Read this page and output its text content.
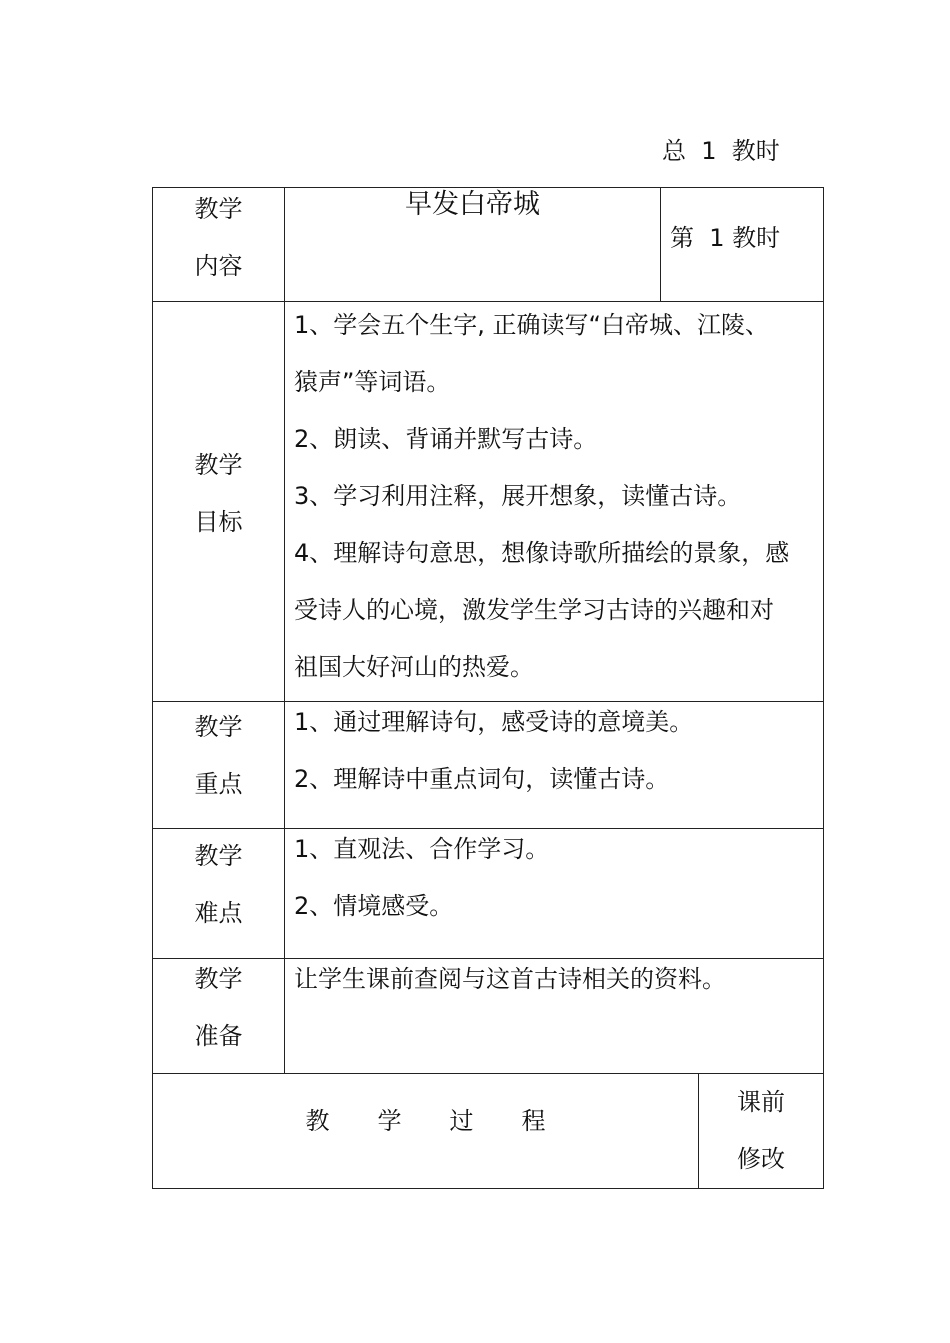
总  1  教时
教学
内容
早发白帝城
第  1 教时
教学
目标
1、学会五个生字, 正确读写“白帝城、江陵、
猿声”等词语。
2、朗读、背诵并默写古诗。
3、学习利用注释，展开想象，读懂古诗。
4、理解诗句意思，想像诗歌所描绘的景象，感
受诗人的心境，激发学生学习古诗的兴趣和对
祖国大好河山的热爱。
教学
重点
1、通过理解诗句，感受诗的意境美。
2、理解诗中重点词句，读懂古诗。
教学
难点
1、直观法、合作学习。
2、情境感受。
教学
准备
让学生课前查阅与这首古诗相关的资料。
教　　学　　过　　程
课前
修改
